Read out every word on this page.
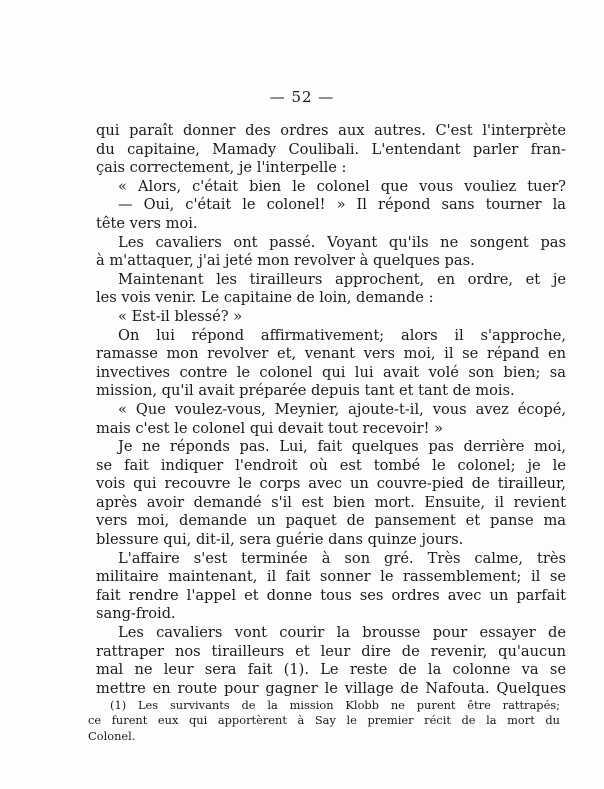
— 52 —
qui paraît donner des ordres aux autres. C'est l'interprète
du capitaine, Mamady Coulibali. L'entendant parler fran-
çais correctement, je l'interpelle :
« Alors, c'était bien le colonel que vous vouliez tuer?
— Oui, c'était le colonel! » Il répond sans tourner la
tête vers moi.
Les cavaliers ont passé. Voyant qu'ils ne songent pas
à m'attaquer, j'ai jeté mon revolver à quelques pas.
Maintenant les tirailleurs approchent, en ordre, et je
les vois venir. Le capitaine de loin, demande :
« Est-il blessé? »
On lui répond affirmativement; alors il s'approche,
ramasse mon revolver et, venant vers moi, il se répand en
invectives contre le colonel qui lui avait volé son bien; sa
mission, qu'il avait préparée depuis tant et tant de mois.
« Que voulez-vous, Meynier, ajoute-t-il, vous avez écopé,
mais c'est le colonel qui devait tout recevoir! »
Je ne réponds pas. Lui, fait quelques pas derrière moi,
se fait indiquer l'endroit où est tombé le colonel; je le
vois qui recouvre le corps avec un couvre-pied de tirailleur,
après avoir demandé s'il est bien mort. Ensuite, il revient
vers moi, demande un paquet de pansement et panse ma
blessure qui, dit-il, sera guérie dans quinze jours.
L'affaire s'est terminée à son gré. Très calme, très
militaire maintenant, il fait sonner le rassemblement; il se
fait rendre l'appel et donne tous ses ordres avec un parfait
sang-froid.
Les cavaliers vont courir la brousse pour essayer de
rattraper nos tirailleurs et leur dire de revenir, qu'aucun
mal ne leur sera fait (1). Le reste de la colonne va se
mettre en route pour gagner le village de Nafouta. Quelques
(1) Les survivants de la mission Klobb ne purent être rattrapés;
ce furent eux qui apportèrent à Say le premier récit de la mort du
Colonel.
